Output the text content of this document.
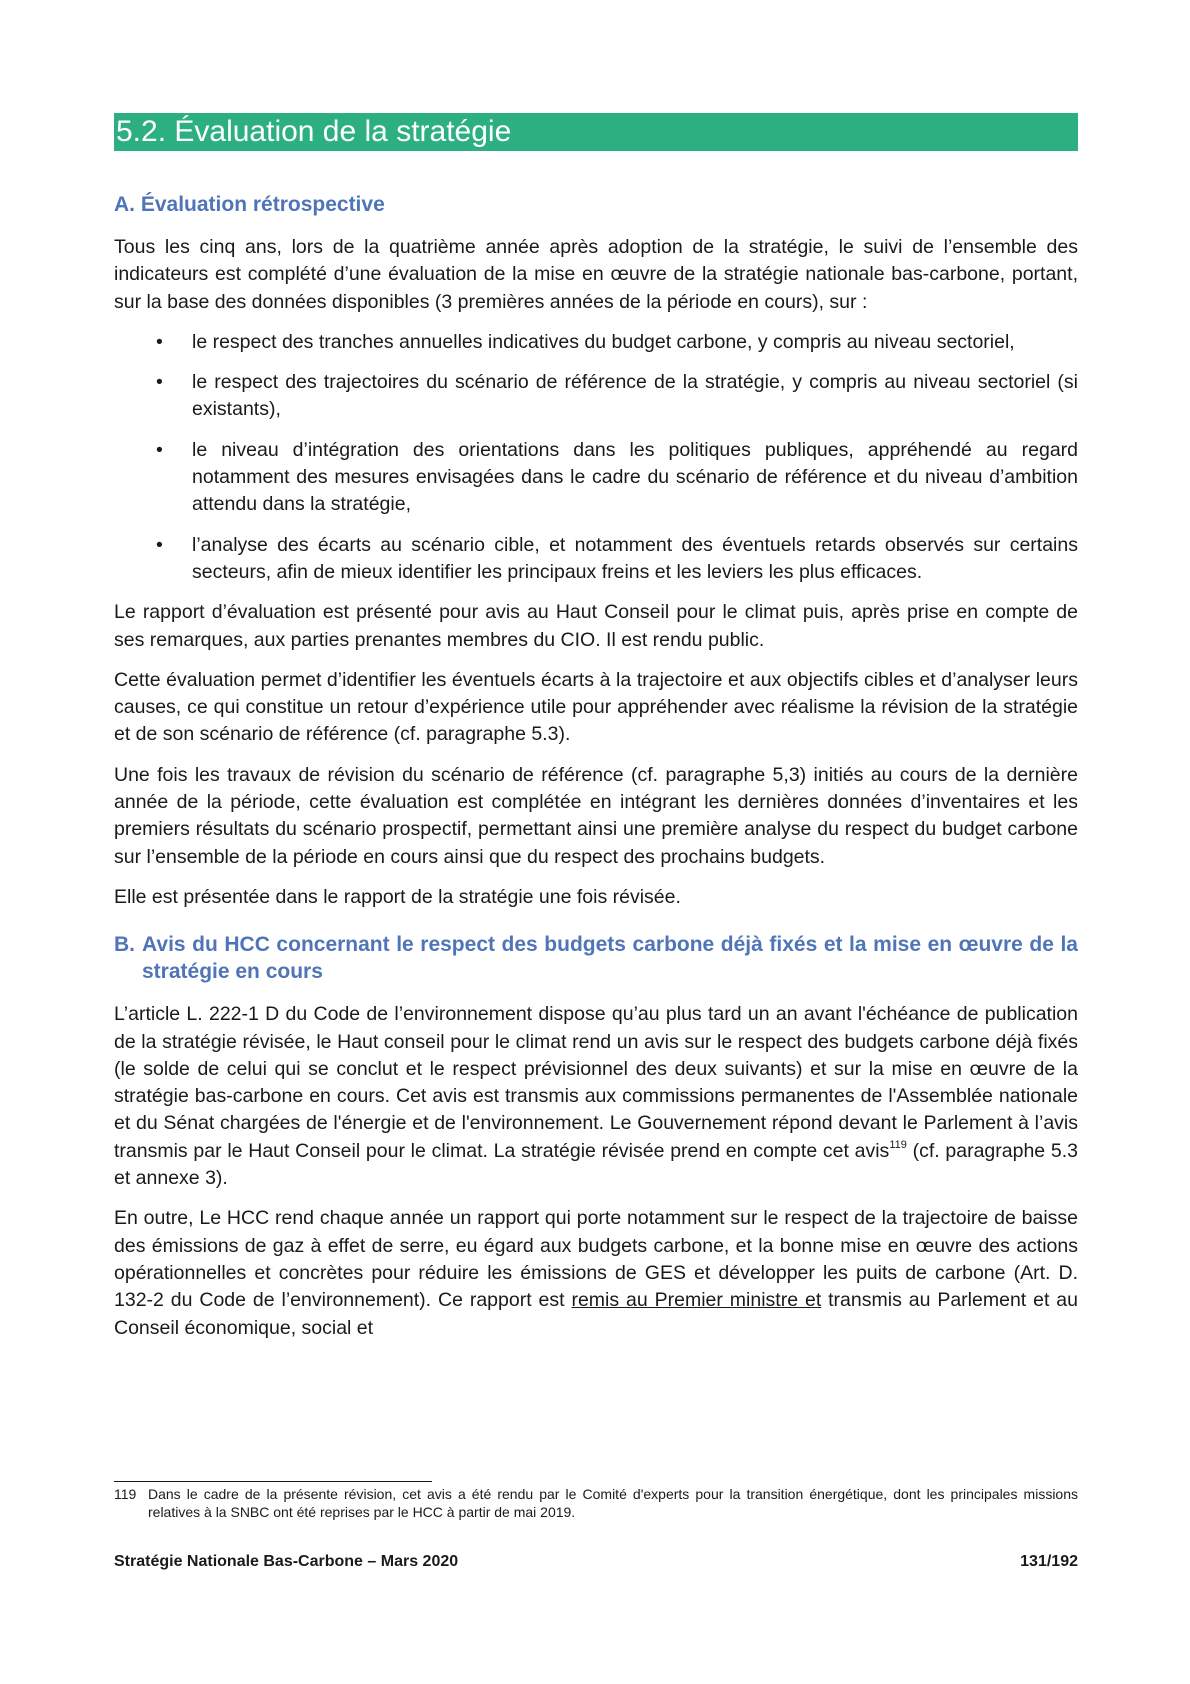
5.2. Évaluation de la stratégie
A. Évaluation rétrospective

Tous les cinq ans, lors de la quatrième année après adoption de la stratégie, le suivi de l’ensemble des indicateurs est complété d’une évaluation de la mise en œuvre de la stratégie nationale bas-carbone, portant, sur la base des données disponibles (3 premières années de la période en cours), sur :

• le respect des tranches annuelles indicatives du budget carbone, y compris au niveau sectoriel,
• le respect des trajectoires du scénario de référence de la stratégie, y compris au niveau sectoriel (si existants),
• le niveau d’intégration des orientations dans les politiques publiques, appréhendé au regard notamment des mesures envisagées dans le cadre du scénario de référence et du niveau d’ambition attendu dans la stratégie,
• l’analyse des écarts au scénario cible, et notamment des éventuels retards observés sur certains secteurs, afin de mieux identifier les principaux freins et les leviers les plus efficaces.

Le rapport d’évaluation est présenté pour avis au Haut Conseil pour le climat puis, après prise en compte de ses remarques, aux parties prenantes membres du CIO. Il est rendu public.

Cette évaluation permet d’identifier les éventuels écarts à la trajectoire et aux objectifs cibles et d’analyser leurs causes, ce qui constitue un retour d’expérience utile pour appréhender avec réalisme la révision de la stratégie et de son scénario de référence (cf. paragraphe 5.3).

Une fois les travaux de révision du scénario de référence (cf. paragraphe 5,3) initiés au cours de la dernière année de la période, cette évaluation est complétée en intégrant les dernières données d’inventaires et les premiers résultats du scénario prospectif, permettant ainsi une première analyse du respect du budget carbone sur l’ensemble de la période en cours ainsi que du respect des prochains budgets.

Elle est présentée dans le rapport de la stratégie une fois révisée.

B. Avis du HCC concernant le respect des budgets carbone déjà fixés et la mise en œuvre de la stratégie en cours

L’article L. 222-1 D du Code de l’environnement dispose qu’au plus tard un an avant l'échéance de publication de la stratégie révisée, le Haut conseil pour le climat rend un avis sur le respect des budgets carbone déjà fixés (le solde de celui qui se conclut et le respect prévisionnel des deux suivants) et sur la mise en œuvre de la stratégie bas-carbone en cours. Cet avis est transmis aux commissions permanentes de l'Assemblée nationale et du Sénat chargées de l'énergie et de l'environnement. Le Gouvernement répond devant le Parlement à l’avis transmis par le Haut Conseil pour le climat. La stratégie révisée prend en compte cet avis$^{119}$ (cf. paragraphe 5.3 et annexe 3).

En outre, Le HCC rend chaque année un rapport qui porte notamment sur le respect de la trajectoire de baisse des émissions de gaz à effet de serre, eu égard aux budgets carbone, et la bonne mise en œuvre des actions opérationnelles et concrètes pour réduire les émissions de GES et développer les puits de carbone (Art. D. 132-2 du Code de l’environnement). Ce rapport est remis au Premier ministre et transmis au Parlement et au Conseil économique, social et

119 Dans le cadre de la présente révision, cet avis a été rendu par le Comité d'experts pour la transition énergétique, dont les principales missions relatives à la SNBC ont été reprises par le HCC à partir de mai 2019.
Stratégie Nationale Bas-Carbone – Mars 2020	131/192
